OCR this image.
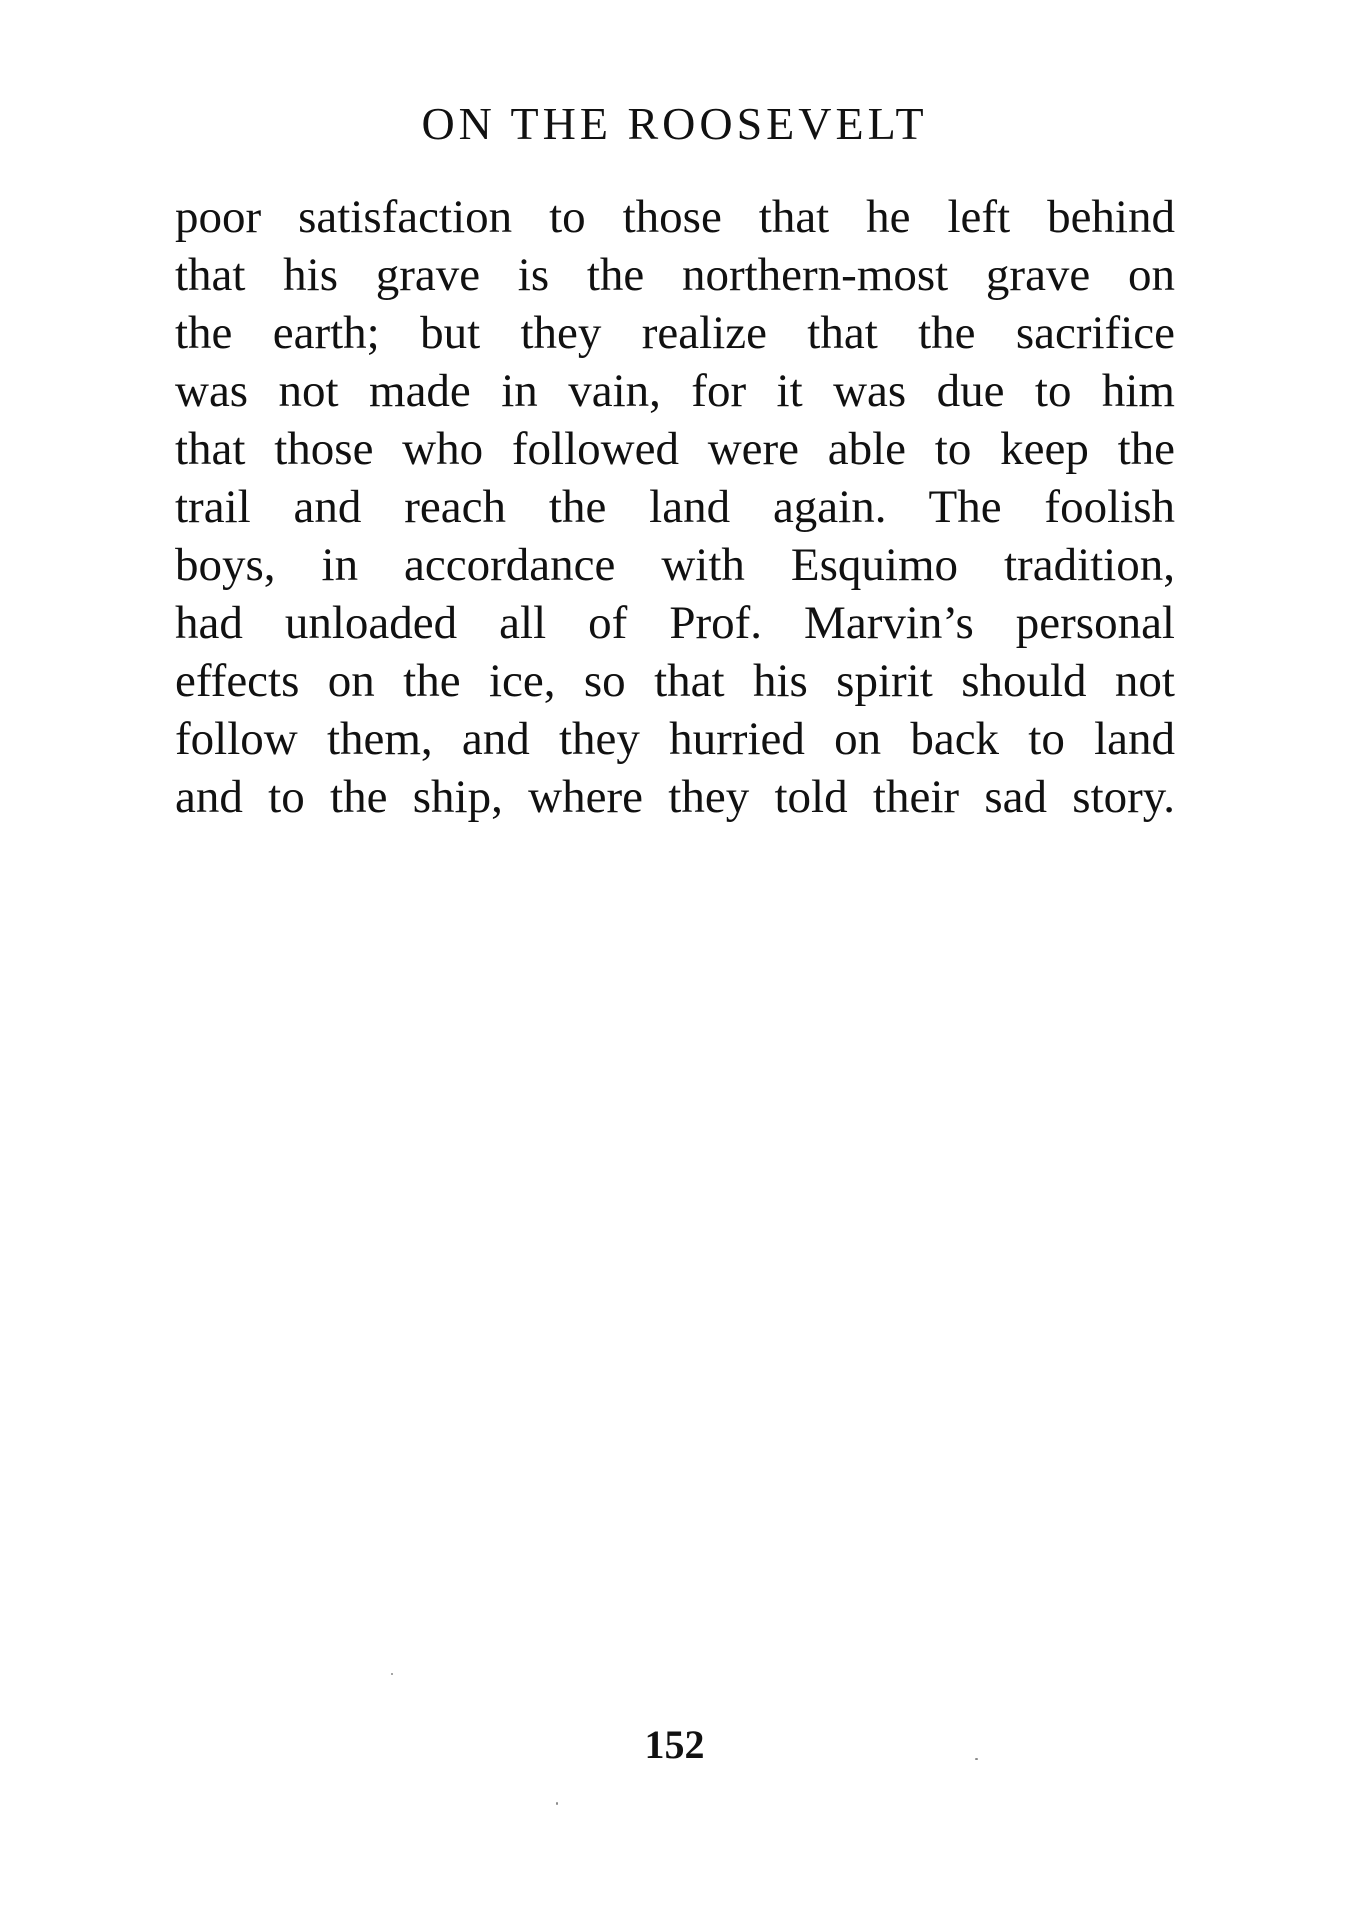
ON THE ROOSEVELT
poor satisfaction to those that he left behind
that his grave is the northern-most grave on
the earth; but they realize that the sacrifice
was not made in vain, for it was due to him
that those who followed were able to keep the
trail and reach the land again. The foolish
boys, in accordance with Esquimo tradition,
had unloaded all of Prof. Marvin’s personal
effects on the ice, so that his spirit should not
follow them, and they hurried on back to land
and to the ship, where they told their sad story.
152
